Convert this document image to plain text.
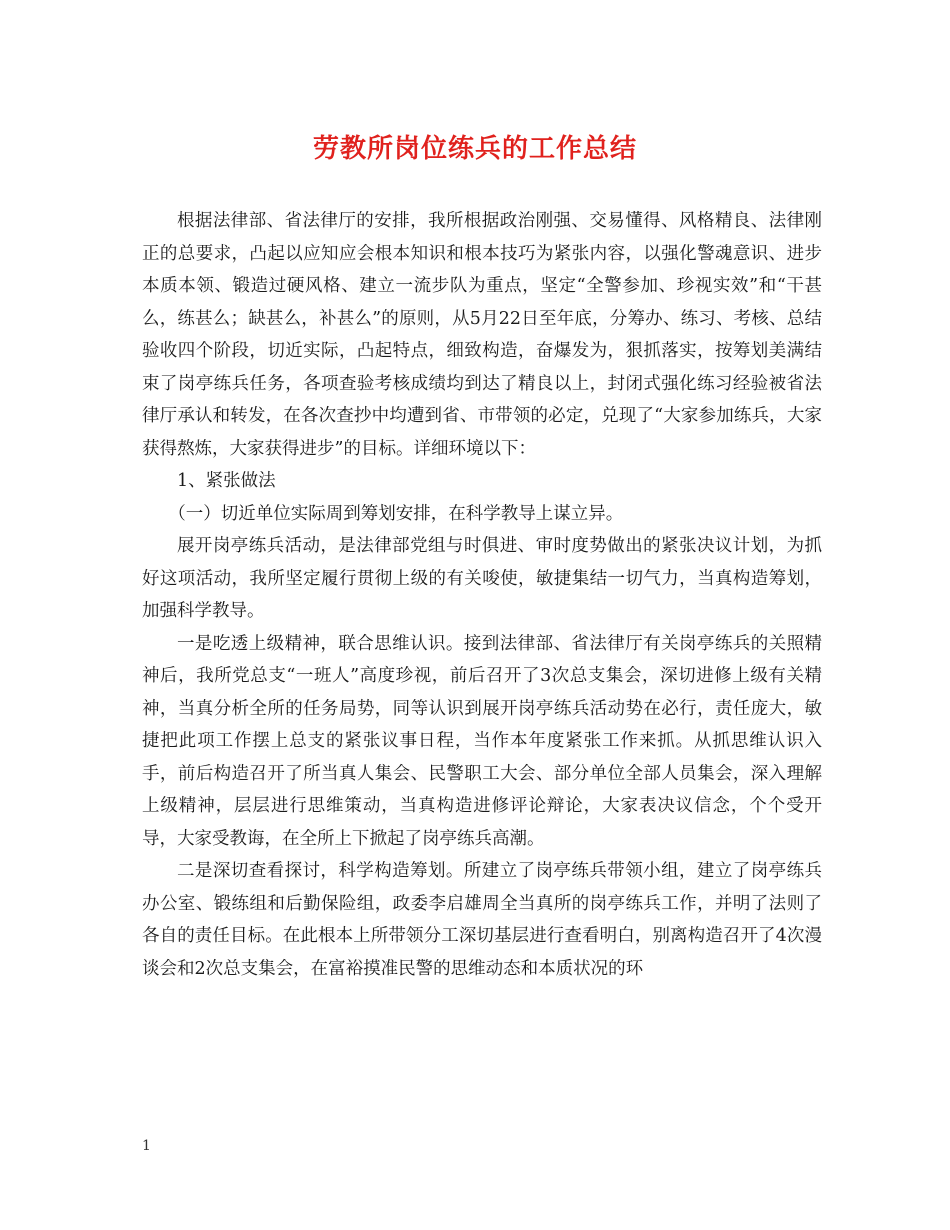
劳教所岗位练兵的工作总结

根据法律部、省法律厅的安排，我所根据政治刚强、交易懂得、风格精良、法律刚正的总要求，凸起以应知应会根本知识和根本技巧为紧张内容，以强化警魂意识、进步本质本领、锻造过硬风格、建立一流步队为重点，坚定“全警参加、珍视实效”和“干甚么，练甚么；缺甚么，补甚么”的原则，从5月22日至年底，分筹办、练习、考核、总结验收四个阶段，切近实际，凸起特点，细致构造，奋爆发为，狠抓落实，按筹划美满结束了岗亭练兵任务，各项查验考核成绩均到达了精良以上，封闭式强化练习经验被省法律厅承认和转发，在各次查抄中均遭到省、市带领的必定，兑现了“大家参加练兵，大家获得熬炼，大家获得进步”的目标。详细环境以下：

1、紧张做法

（一）切近单位实际周到筹划安排，在科学教导上谋立异。

展开岗亭练兵活动，是法律部党组与时俱进、审时度势做出的紧张决议计划，为抓好这项活动，我所坚定履行贯彻上级的有关唆使，敏捷集结一切气力，当真构造筹划，加强科学教导。

一是吃透上级精神，联合思维认识。接到法律部、省法律厅有关岗亭练兵的关照精神后，我所党总支“一班人”高度珍视，前后召开了3次总支集会，深切进修上级有关精神，当真分析全所的任务局势，同等认识到展开岗亭练兵活动势在必行，责任庞大，敏捷把此项工作摆上总支的紧张议事日程，当作本年度紧张工作来抓。从抓思维认识入手，前后构造召开了所当真人集会、民警职工大会、部分单位全部人员集会，深入理解上级精神，层层进行思维策动，当真构造进修评论辩论，大家表决议信念，个个受开导，大家受教诲，在全所上下掀起了岗亭练兵高潮。

二是深切查看探讨，科学构造筹划。所建立了岗亭练兵带领小组，建立了岗亭练兵办公室、锻练组和后勤保险组，政委李启雄周全当真所的岗亭练兵工作，并明了法则了各自的责任目标。在此根本上所带领分工深切基层进行查看明白，别离构造召开了4次漫谈会和2次总支集会，在富裕摸准民警的思维动态和本质状况的环

1
